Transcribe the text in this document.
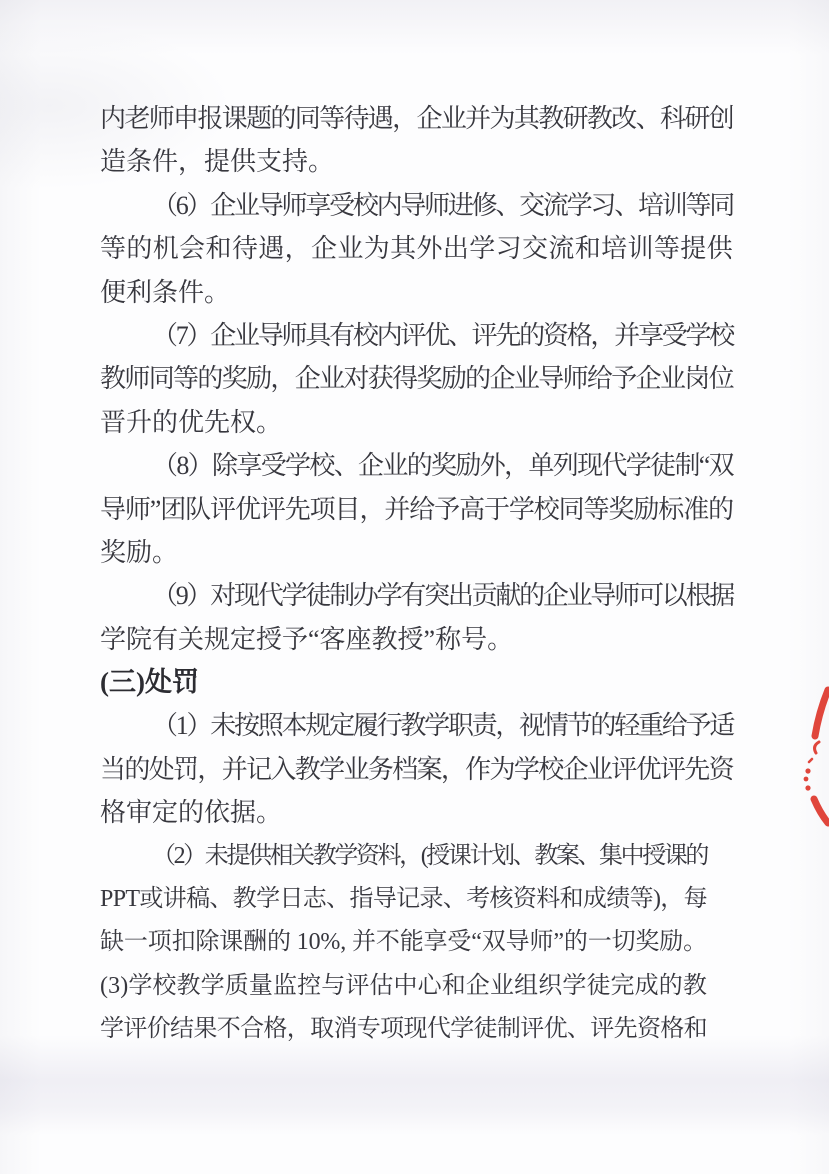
内老师申报课题的同等待遇，企业并为其教研教改、科研创
造条件，提供支持。
（6）企业导师享受校内导师进修、交流学习、培训等同
等的机会和待遇，企业为其外出学习交流和培训等提供
便利条件。
（7）企业导师具有校内评优、评先的资格，并享受学校
教师同等的奖励，企业对获得奖励的企业导师给予企业岗位
晋升的优先权。
（8）除享受学校、企业的奖励外，单列现代学徒制“双
导师”团队评优评先项目，并给予高于学校同等奖励标准的
奖励。
（9）对现代学徒制办学有突出贡献的企业导师可以根据
学院有关规定授予“客座教授”称号。
(三)处罚
（1）未按照本规定履行教学职责，视情节的轻重给予适
当的处罚，并记入教学业务档案，作为学校企业评优评先资
格审定的依据。
（2）未提供相关教学资料，(授课计划、教案、集中授课的
PPT或讲稿、教学日志、指导记录、考核资料和成绩等)，每
缺一项扣除课酬的 10%, 并不能享受“双导师”的一切奖励。
(3)学校教学质量监控与评估中心和企业组织学徒完成的教
学评价结果不合格，取消专项现代学徒制评优、评先资格和
